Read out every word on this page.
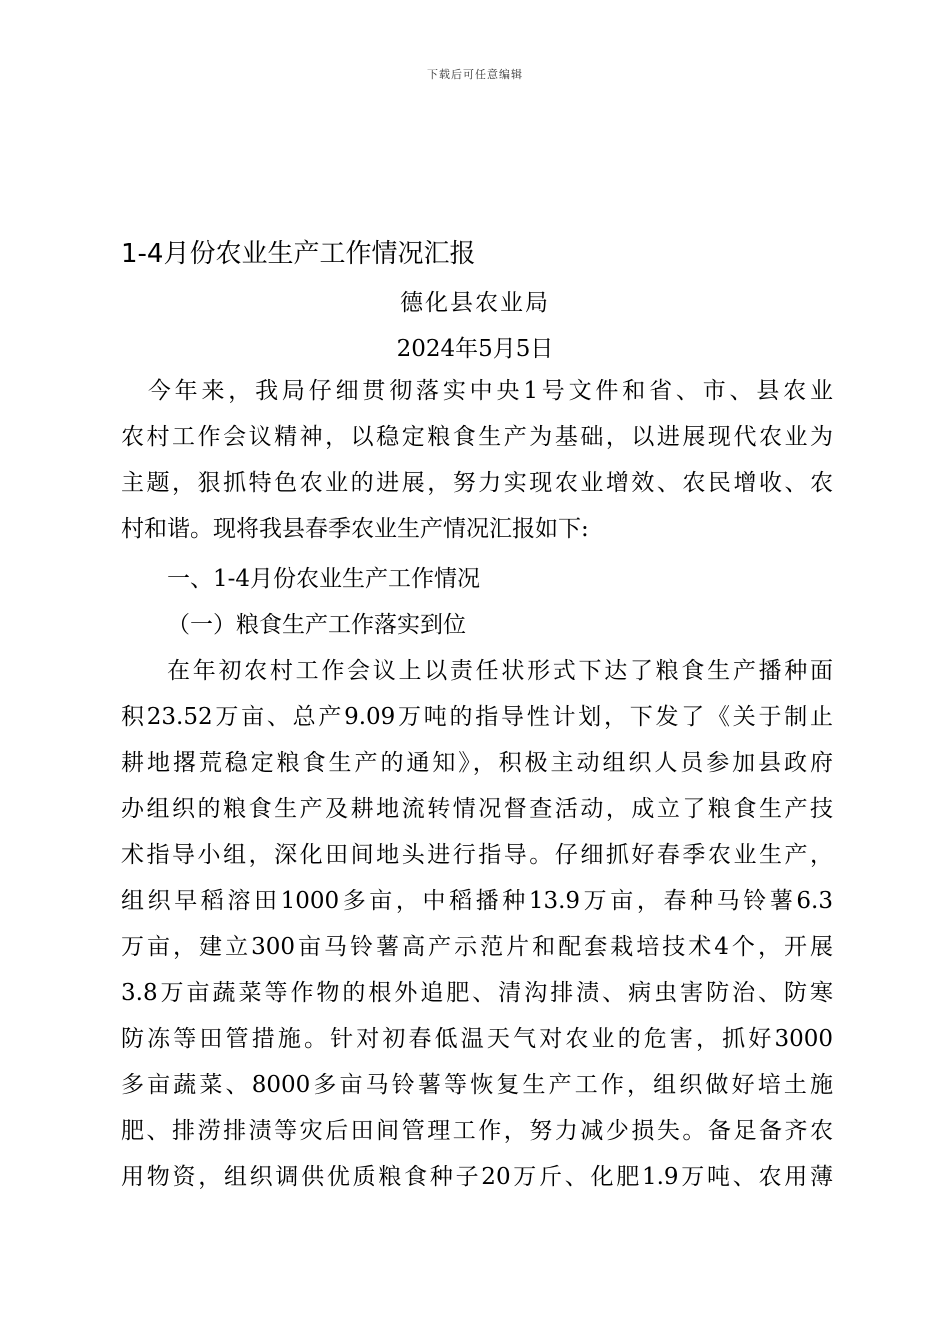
下载后可任意编辑
1-4月份农业生产工作情况汇报
德化县农业局
2024年5月5日
　今年来，我局仔细贯彻落实中央1号文件和省、市、县农业
农村工作会议精神，以稳定粮食生产为基础，以进展现代农业为
主题，狠抓特色农业的进展，努力实现农业增效、农民增收、农
村和谐。现将我县春季农业生产情况汇报如下:
一、1-4月份农业生产工作情况
（一）粮食生产工作落实到位
在年初农村工作会议上以责任状形式下达了粮食生产播种面
积23.52万亩、总产9.09万吨的指导性计划，下发了《关于制止
耕地撂荒稳定粮食生产的通知》，积极主动组织人员参加县政府
办组织的粮食生产及耕地流转情况督查活动，成立了粮食生产技
术指导小组，深化田间地头进行指导。仔细抓好春季农业生产，
组织早稻溶田1000多亩，中稻播种13.9万亩，春种马铃薯6.3
万亩，建立300亩马铃薯高产示范片和配套栽培技术4个，开展
3.8万亩蔬菜等作物的根外追肥、清沟排渍、病虫害防治、防寒
防冻等田管措施。针对初春低温天气对农业的危害，抓好3000
多亩蔬菜、8000多亩马铃薯等恢复生产工作，组织做好培土施
肥、排涝排渍等灾后田间管理工作，努力减少损失。备足备齐农
用物资，组织调供优质粮食种子20万斤、化肥1.9万吨、农用薄
